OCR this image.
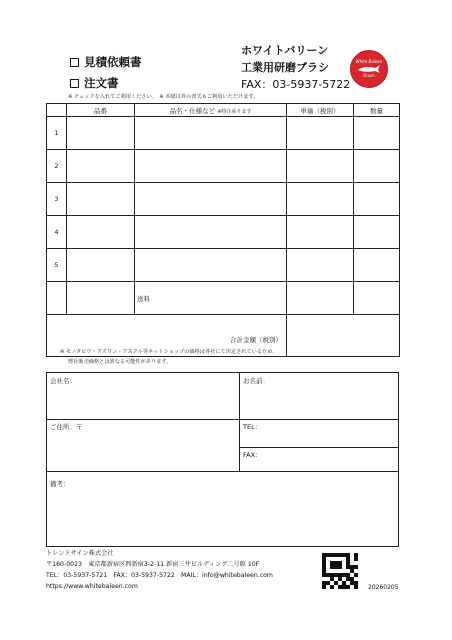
見積依頼書
注文書
ホワイトバリーン
工業用研磨ブラシ
FAX：03-5937-5722
White Baleen
Brush
※ チェックを入れてご利用ください。　※ 本紙以外の書式もご利用いただけます。
	品番	品名・仕様など ※特注承ります	単価（税別）	数量
1				
2				
3				
4				
5				
		送料		
合計金額（税別）				
※ モノタロウ・アズワン・アスクル等ネットショップの価格は各社にて決定されているため、
弊社販売価格とは異なる可能性があります。
会社名：	お名前：
ご住所：〒	TEL：
FAX：
備考：
トレンドサイン株式会社
〒160-0023　東京都新宿区西新宿3-2-11 新宿三井ビルディング二号館 10F
TEL：03-5937-5721　FAX：03-5937-5722　MAIL：info@whitebaleen.com
https://www.whitebaleen.com	20260205
